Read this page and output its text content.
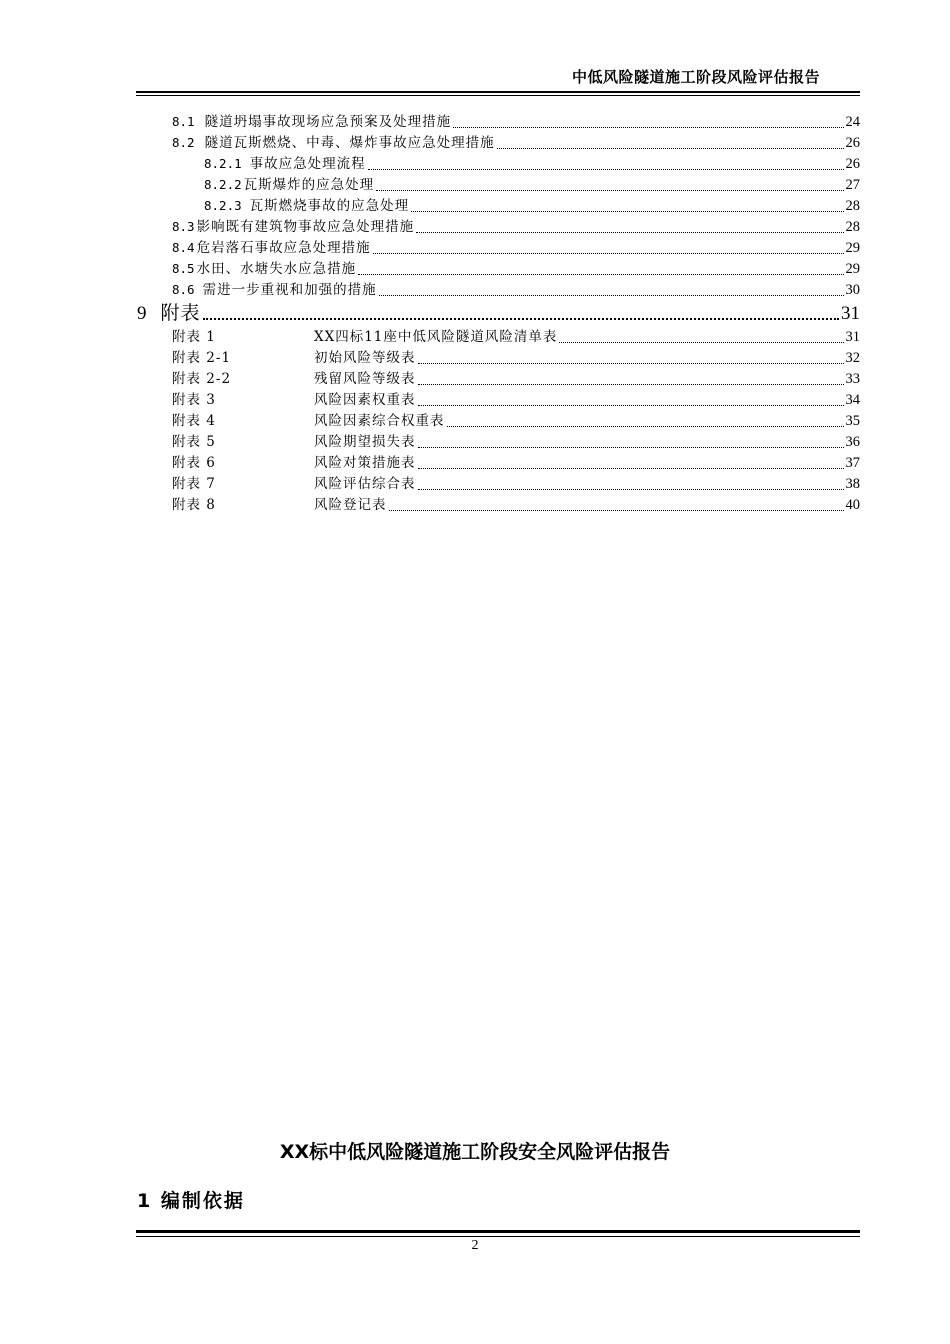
中低风险隧道施工阶段风险评估报告
8.1 隧道坍塌事故现场应急预案及处理措施	24
8.2 隧道瓦斯燃烧、中毒、爆炸事故应急处理措施	26
8.2.1 事故应急处理流程	26
8.2.2 瓦斯爆炸的应急处理	27
8.2.3 瓦斯燃烧事故的应急处理	28
8.3 影响既有建筑物事故应急处理措施	28
8.4 危岩落石事故应急处理措施	29
8.5 水田、水塘失水应急措施	29
8.6 需进一步重视和加强的措施	30
9 附表	31
附表 1	XX四标11座中低风险隧道风险清单表	31
附表 2-1	初始风险等级表	32
附表 2-2	残留风险等级表	33
附表 3	风险因素权重表	34
附表 4	风险因素综合权重表	35
附表 5	风险期望损失表	36
附表 6	风险对策措施表	37
附表 7	风险评估综合表	38
附表 8	风险登记表	40
XX标中低风险隧道施工阶段安全风险评估报告
1 编制依据
2
